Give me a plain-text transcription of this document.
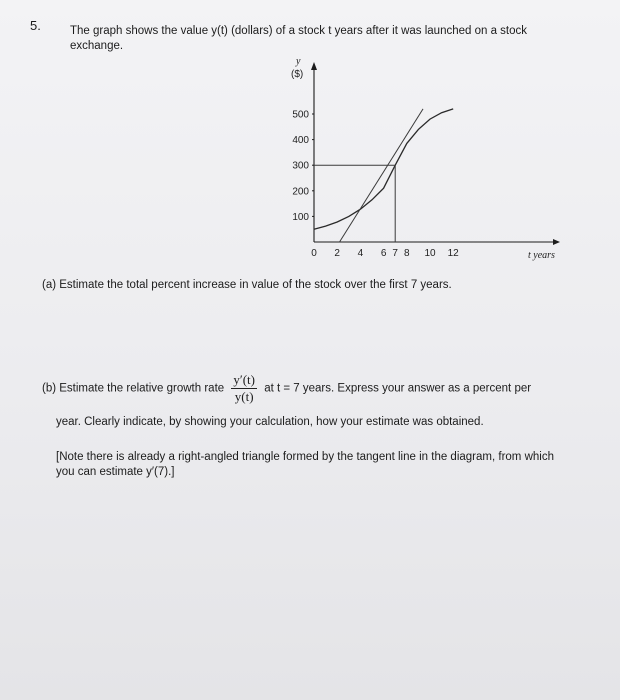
5.	The graph shows the value y(t) (dollars) of a stock t years after it was launched on a stock exchange.
y
($)
100
200
300
400
500
0 2 4 6 7 8 10 12	t years
(a) Estimate the total percent increase in value of the stock over the first 7 years.
(b) Estimate the relative growth rate $\frac{y'(t)}{y(t)}$ at t = 7 years. Express your answer as a percent per
year. Clearly indicate, by showing your calculation, how your estimate was obtained.
[Note there is already a right-angled triangle formed by the tangent line in the diagram, from which you can estimate y′(7).]
